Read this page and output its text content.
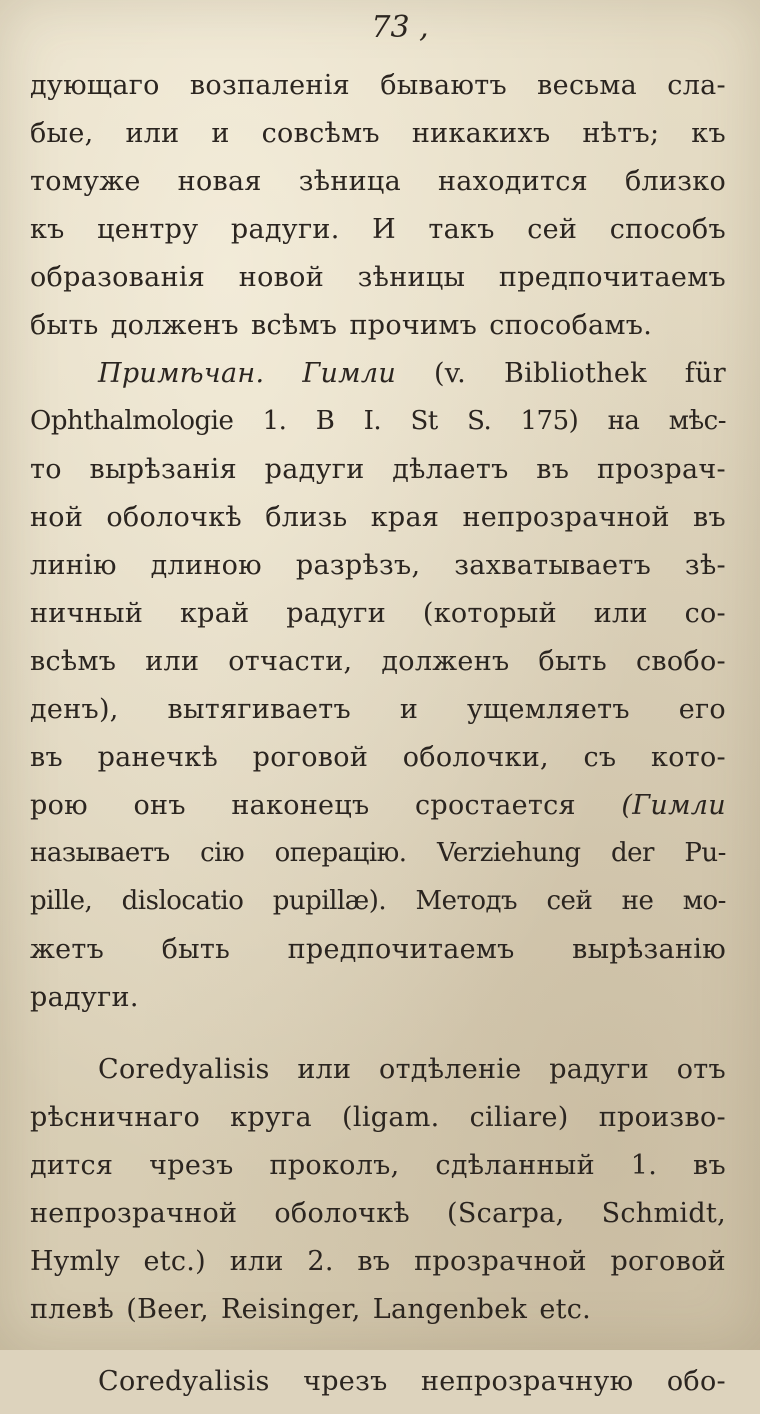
73 ,
дующаго возпаленія бываютъ весьма сла-
бые, или и совсѣмъ никакихъ нѣтъ; къ
томуже новая зѣница находится близко
къ центру радуги. И такъ сей способъ
образованія новой зѣницы предпочитаемъ
быть долженъ всѣмъ прочимъ способамъ.
Примѣчан. Гимли (v. Bibliothek für
Ophthalmologie 1. B I. St S. 175) на мѣс-
то вырѣзанія радуги дѣлаетъ въ прозрач-
ной оболочкѣ близь края непрозрачной въ
линію длиною разрѣзъ, захватываетъ зѣ-
ничный край радуги (который или со-
всѣмъ или отчасти, долженъ быть свобо-
денъ), вытягиваетъ и ущемляетъ его
въ ранечкѣ роговой оболочки, съ кото-
рою онъ наконецъ сростается (Гимли
называетъ сію операцію. Verziehung der Pu-
pille, dislocatio pupillæ). Методъ сей не мо-
жетъ быть предпочитаемъ вырѣзанію
радуги.
Coredyalisis или отдѣленіе радуги отъ
рѣсничнаго круга (ligam. ciliare) произво-
дится чрезъ проколъ, сдѣланный 1. въ
непрозрачной оболочкѣ (Scarpa, Schmidt,
Hymly etc.) или 2. въ прозрачной роговой
плевѣ (Beer, Reisinger, Langenbek etc.
Coredyalisis чрезъ непрозрачную обо-
